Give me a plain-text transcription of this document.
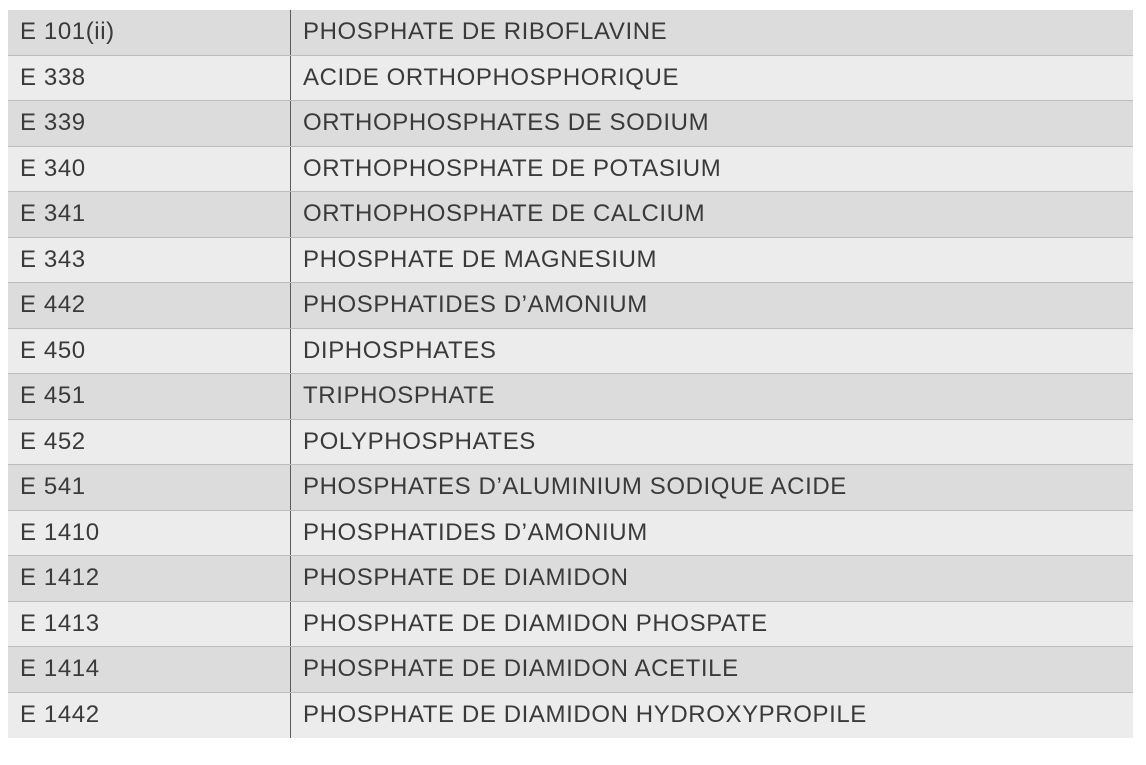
E 101(ii)	PHOSPHATE DE RIBOFLAVINE
E 338	ACIDE ORTHOPHOSPHORIQUE
E 339	ORTHOPHOSPHATES DE SODIUM
E 340	ORTHOPHOSPHATE DE POTASIUM
E 341	ORTHOPHOSPHATE DE CALCIUM
E 343	PHOSPHATE DE MAGNESIUM
E 442	PHOSPHATIDES D’AMONIUM
E 450	DIPHOSPHATES
E 451	TRIPHOSPHATE
E 452	POLYPHOSPHATES
E 541	PHOSPHATES D’ALUMINIUM SODIQUE ACIDE
E 1410	PHOSPHATIDES D’AMONIUM
E 1412	PHOSPHATE DE DIAMIDON
E 1413	PHOSPHATE DE DIAMIDON PHOSPATE
E 1414	PHOSPHATE DE DIAMIDON ACETILE
E 1442	PHOSPHATE DE DIAMIDON HYDROXYPROPILE
